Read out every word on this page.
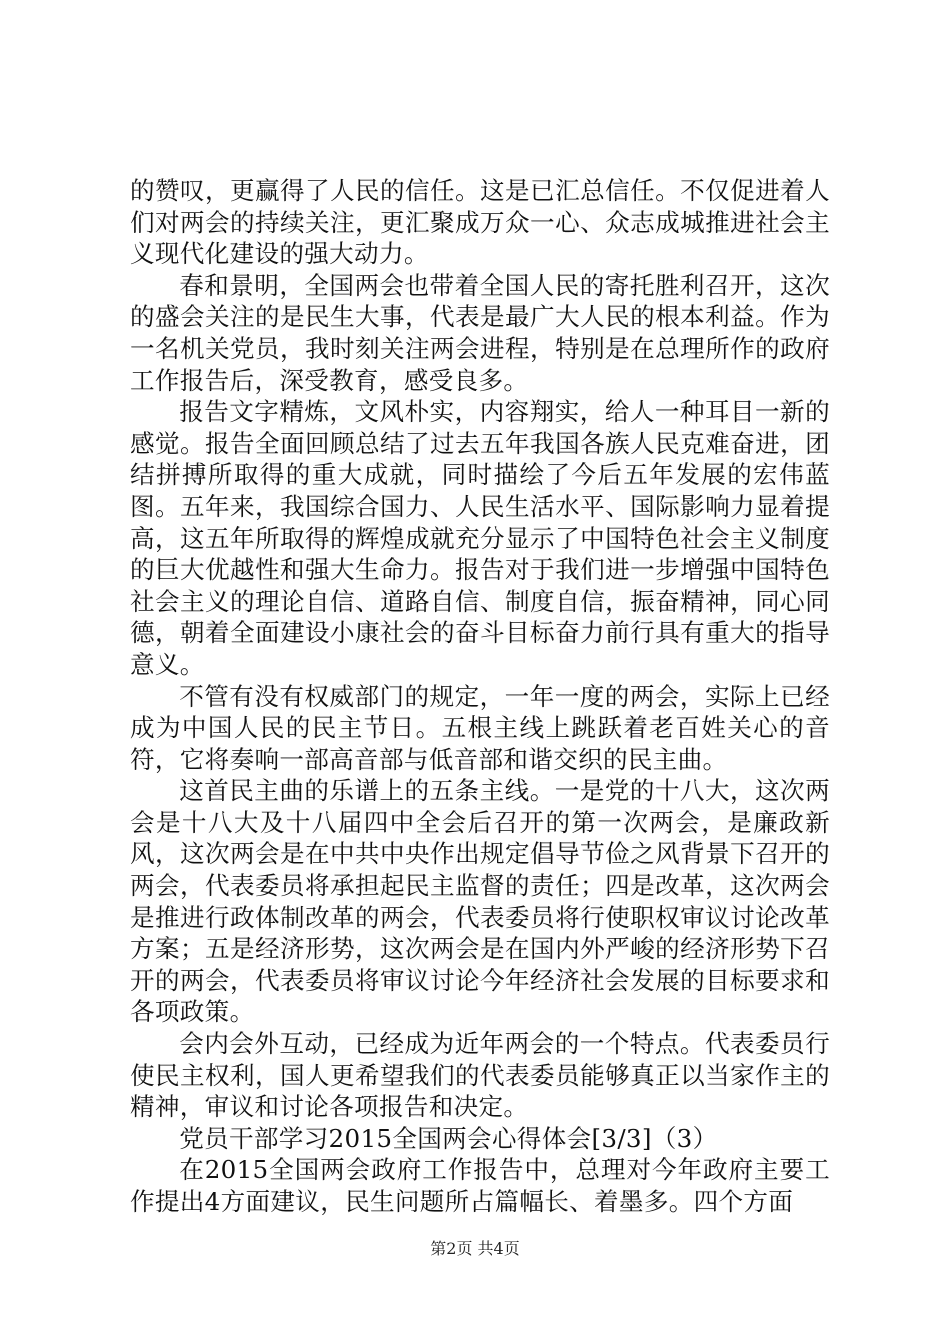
的赞叹，更赢得了人民的信任。这是已汇总信任。不仅促进着人们对两会的持续关注，更汇聚成万众一心、众志成城推进社会主义现代化建设的强大动力。

春和景明，全国两会也带着全国人民的寄托胜利召开，这次的盛会关注的是民生大事，代表是最广大人民的根本利益。作为一名机关党员，我时刻关注两会进程，特别是在总理所作的政府工作报告后，深受教育，感受良多。

报告文字精炼，文风朴实，内容翔实，给人一种耳目一新的感觉。报告全面回顾总结了过去五年我国各族人民克难奋进，团结拼搏所取得的重大成就，同时描绘了今后五年发展的宏伟蓝图。五年来，我国综合国力、人民生活水平、国际影响力显着提高，这五年所取得的辉煌成就充分显示了中国特色社会主义制度的巨大优越性和强大生命力。报告对于我们进一步增强中国特色社会主义的理论自信、道路自信、制度自信，振奋精神，同心同德，朝着全面建设小康社会的奋斗目标奋力前行具有重大的指导意义。

不管有没有权威部门的规定，一年一度的两会，实际上已经成为中国人民的民主节日。五根主线上跳跃着老百姓关心的音符，它将奏响一部高音部与低音部和谐交织的民主曲。

这首民主曲的乐谱上的五条主线。一是党的十八大，这次两会是十八大及十八届四中全会后召开的第一次两会，是廉政新风，这次两会是在中共中央作出规定倡导节俭之风背景下召开的两会，代表委员将承担起民主监督的责任；四是改革，这次两会是推进行政体制改革的两会，代表委员将行使职权审议讨论改革方案；五是经济形势，这次两会是在国内外严峻的经济形势下召开的两会，代表委员将审议讨论今年经济社会发展的目标要求和各项政策。

会内会外互动，已经成为近年两会的一个特点。代表委员行使民主权利，国人更希望我们的代表委员能够真正以当家作主的精神，审议和讨论各项报告和决定。

党员干部学习2015全国两会心得体会[3/3]（3）

在2015全国两会政府工作报告中，总理对今年政府主要工作提出4方面建议，民生问题所占篇幅长、着墨多。四个方面

第2页 共4页
